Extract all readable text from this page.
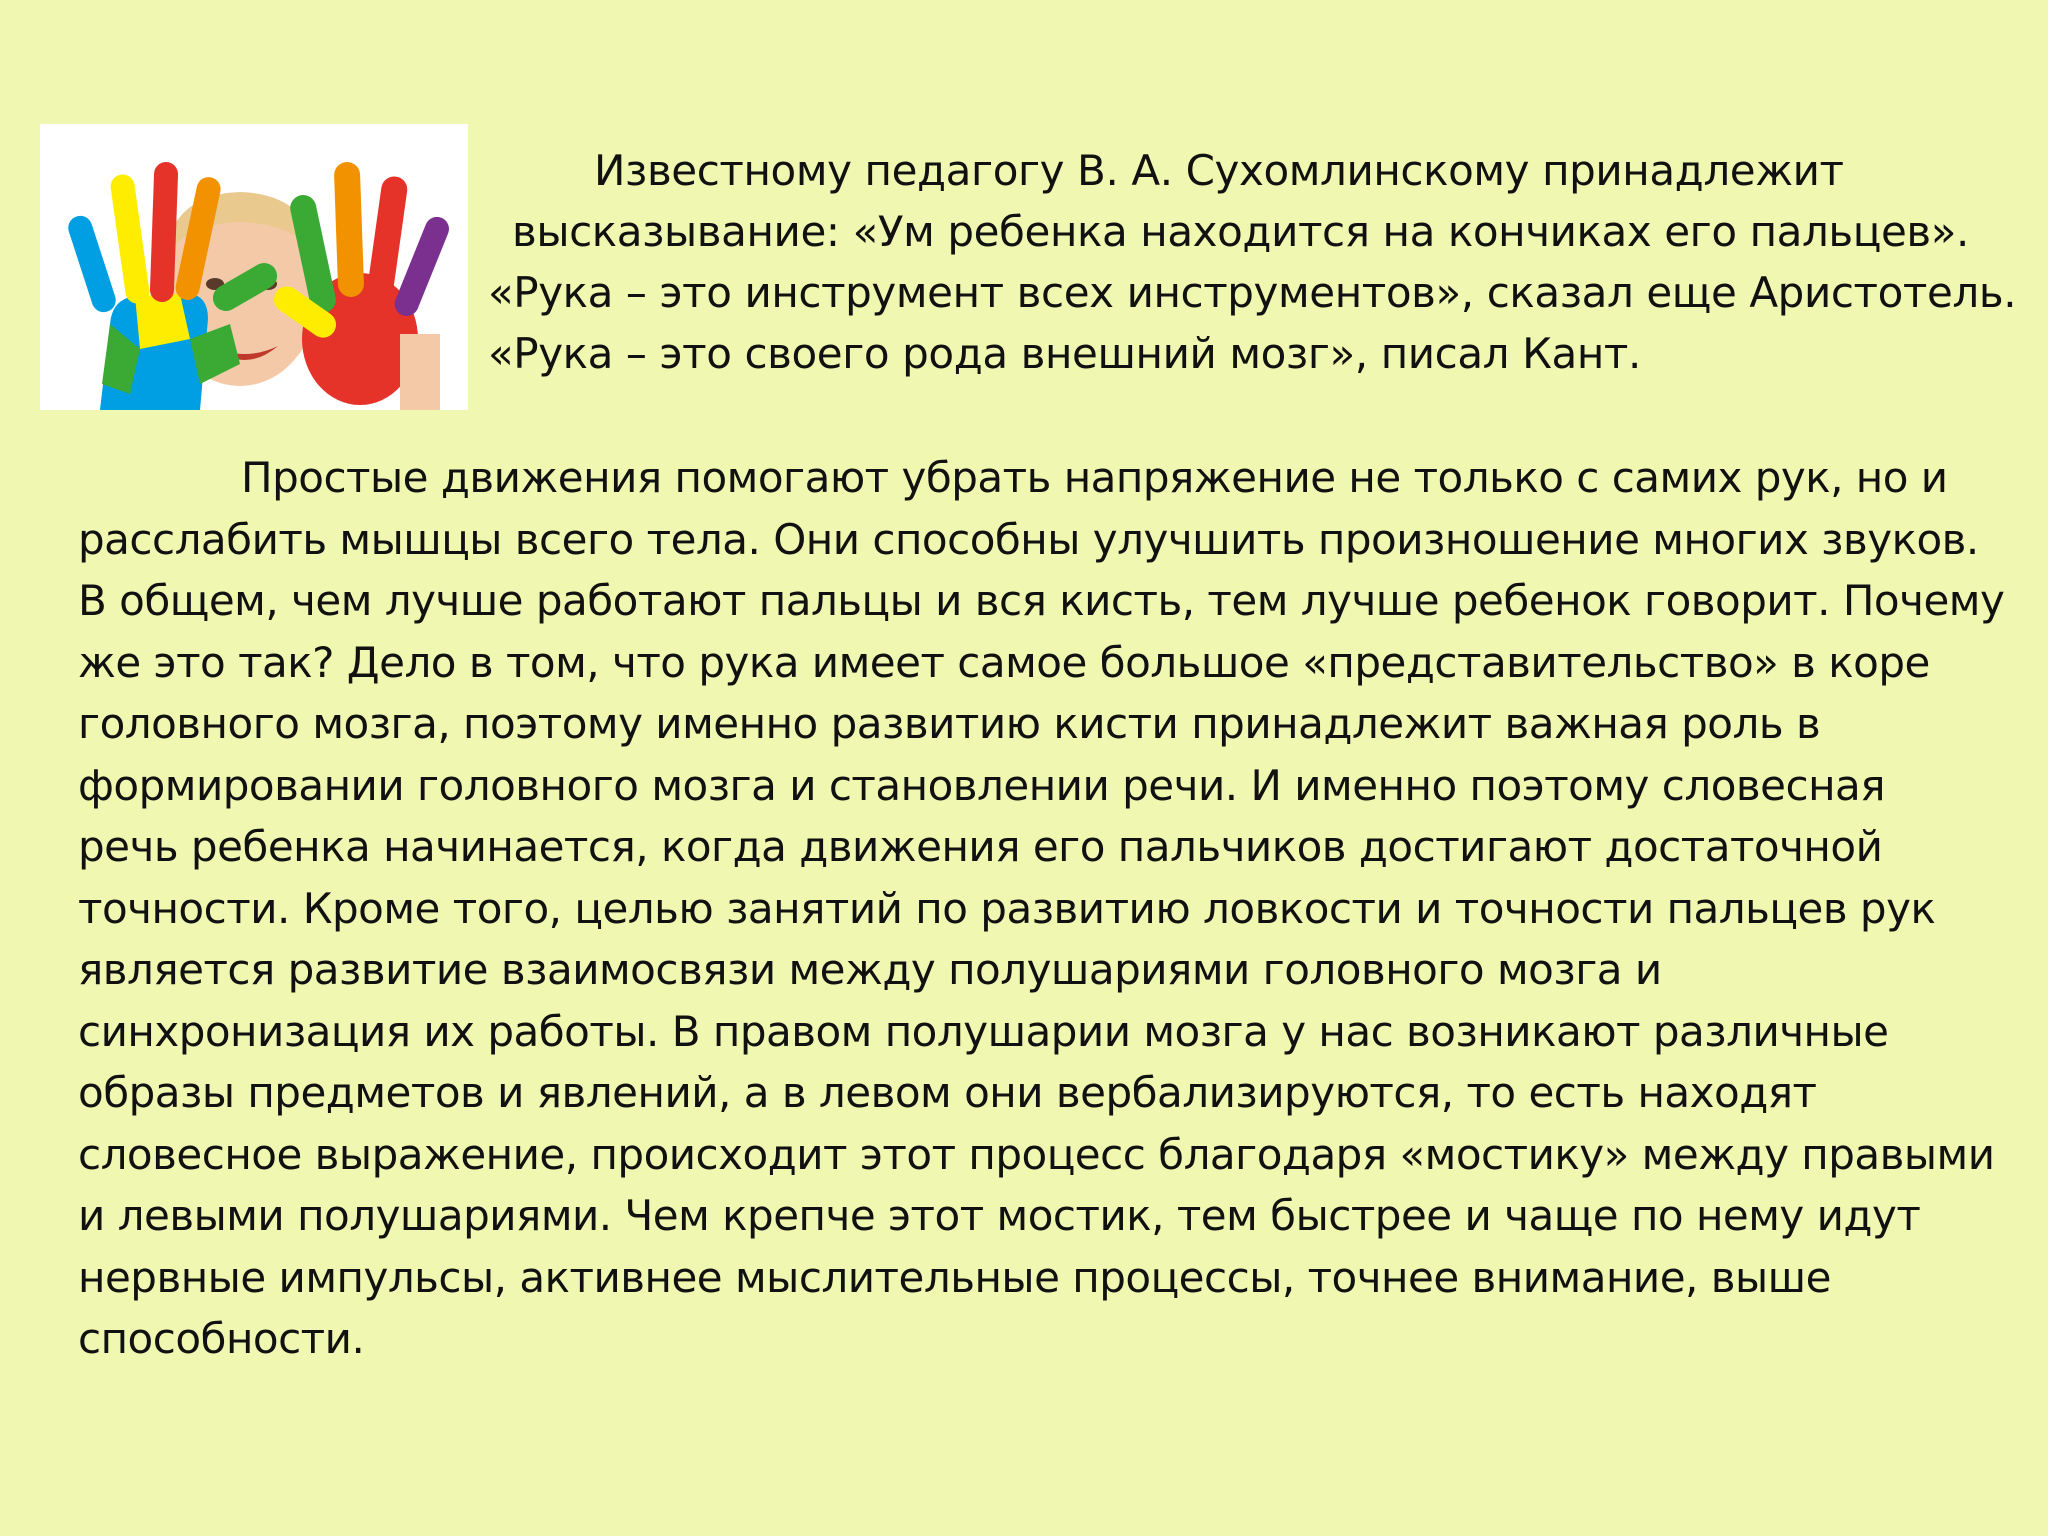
Известному педагогу В. А. Сухомлинскому принадлежит
высказывание: «Ум ребенка находится на кончиках его пальцев».
«Рука – это инструмент всех инструментов», сказал еще Аристотель.
«Рука – это своего рода внешний мозг», писал Кант.
Простые движения помогают убрать напряжение не только с самих рук, но и
расслабить мышцы всего тела. Они способны улучшить произношение многих звуков.
В общем, чем лучше работают пальцы и вся кисть, тем лучше ребенок говорит. Почему
же это так? Дело в том, что рука имеет самое большое «представительство» в коре
головного мозга, поэтому именно развитию кисти принадлежит важная роль в
формировании головного мозга и становлении речи. И именно поэтому словесная
речь ребенка начинается, когда движения его пальчиков достигают достаточной
точности. Кроме того, целью занятий по развитию ловкости и точности пальцев рук
является развитие взаимосвязи между полушариями головного мозга и
синхронизация их работы. В правом полушарии мозга у нас возникают различные
образы предметов и явлений, а в левом они вербализируются, то есть находят
словесное выражение, происходит этот процесс благодаря «мостику» между правыми
и левыми полушариями. Чем крепче этот мостик, тем быстрее и чаще по нему идут
нервные импульсы, активнее мыслительные процессы, точнее внимание, выше
способности.
